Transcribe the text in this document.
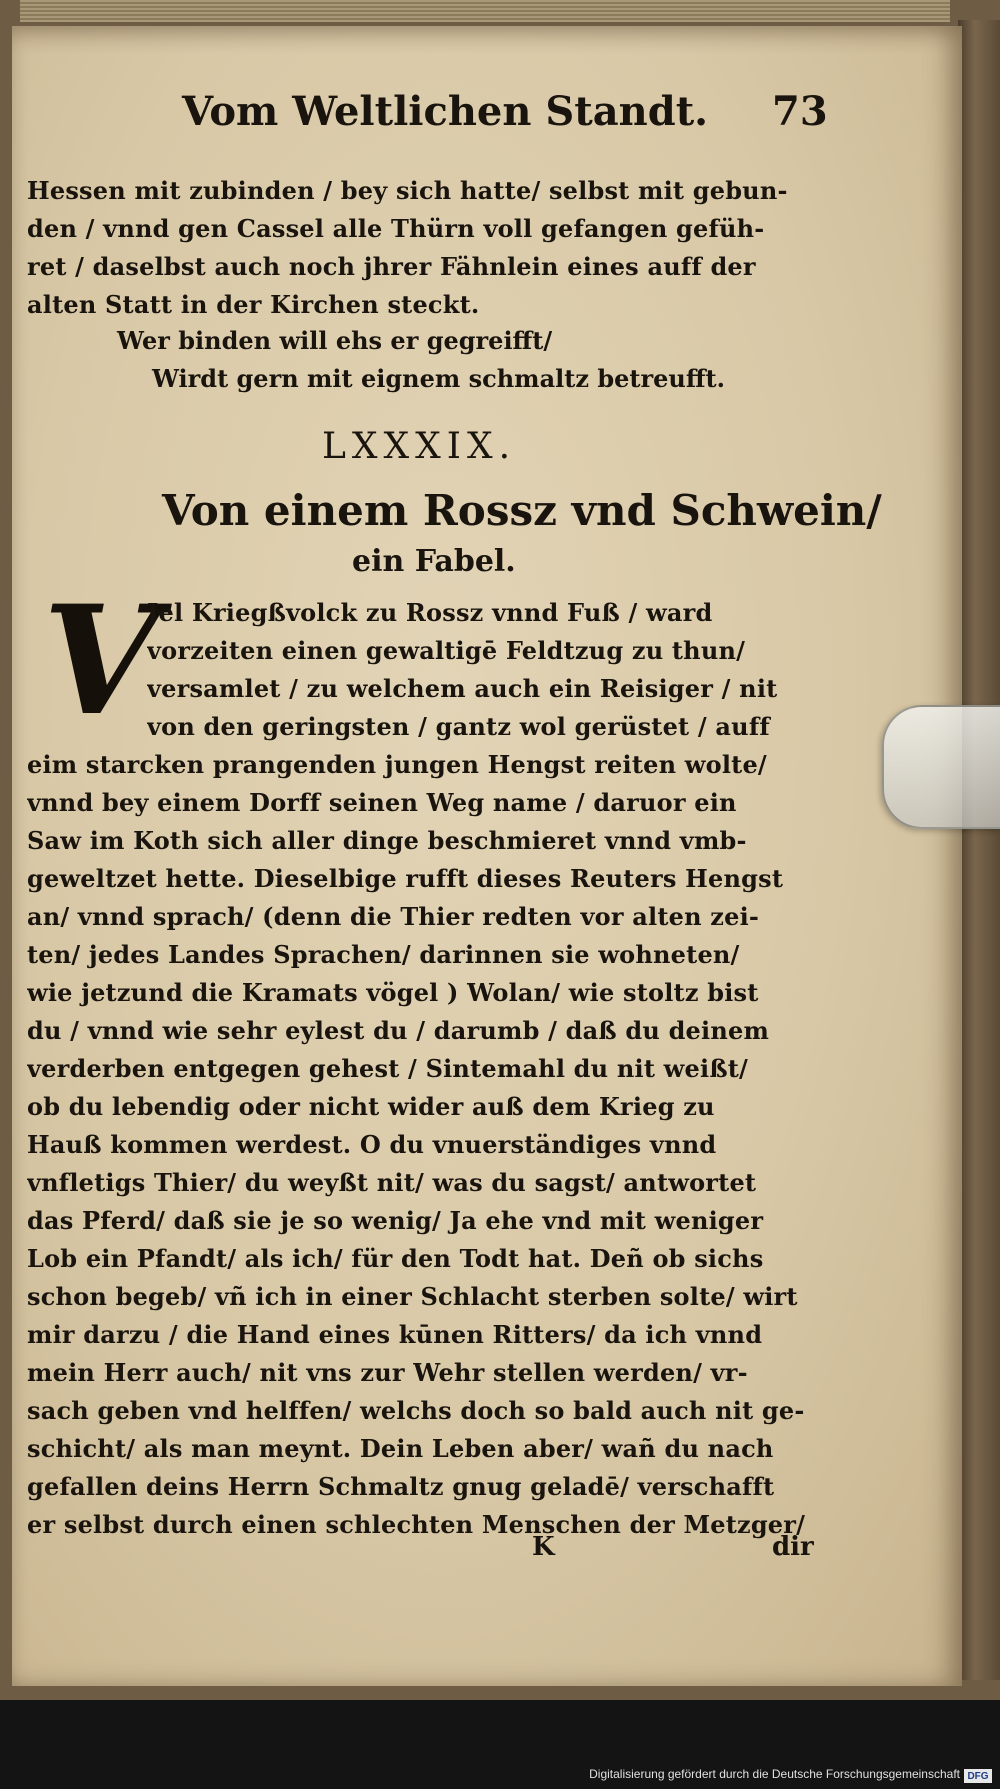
Vom Weltlichen Standt. 73
Hessen mit zubinden / bey sich hatte/ selbst mit gebun-
den / vnnd gen Cassel alle Thürn voll gefangen gefüh-
ret / daselbst auch noch jhrer Fähnlein eines auff der
alten Statt in der Kirchen steckt.
Wer binden will ehs er gegreifft/
Wirdt gern mit eignem schmaltz betreufft.
LXXXIX.
Von einem Rossz vnd Schwein/
ein Fabel.
V
Jel Kriegßvolck zu Rossz vnnd Fuß / ward
vorzeiten einen gewaltigē Feldtzug zu thun/
versamlet / zu welchem auch ein Reisiger / nit
von den geringsten / gantz wol gerüstet / auff
eim starcken prangenden jungen Hengst reiten wolte/
vnnd bey einem Dorff seinen Weg name / daruor ein
Saw im Koth sich aller dinge beschmieret vnnd vmb-
geweltzet hette. Dieselbige rufft dieses Reuters Hengst
an/ vnnd sprach/ (denn die Thier redten vor alten zei-
ten/ jedes Landes Sprachen/ darinnen sie wohneten/
wie jetzund die Kramats vögel ) Wolan/ wie stoltz bist
du / vnnd wie sehr eylest du / darumb / daß du deinem
verderben entgegen gehest / Sintemahl du nit weißt/
ob du lebendig oder nicht wider auß dem Krieg zu
Hauß kommen werdest. O du vnuerständiges vnnd
vnfletigs Thier/ du weyßt nit/ was du sagst/ antwortet
das Pferd/ daß sie je so wenig/ Ja ehe vnd mit weniger
Lob ein Pfandt/ als ich/ für den Todt hat. Deñ ob sichs
schon begeb/ vñ ich in einer Schlacht sterben solte/ wirt
mir darzu / die Hand eines kūnen Ritters/ da ich vnnd
mein Herr auch/ nit vns zur Wehr stellen werden/ vr-
sach geben vnd helffen/ welchs doch so bald auch nit ge-
schicht/ als man meynt. Dein Leben aber/ wañ du nach
gefallen deins Herrn Schmaltz gnug geladē/ verschafft
er selbst durch einen schlechten Menschen der Metzger/
K	dir
Digitalisierung gefördert durch die Deutsche Forschungsgemeinschaft DFG
